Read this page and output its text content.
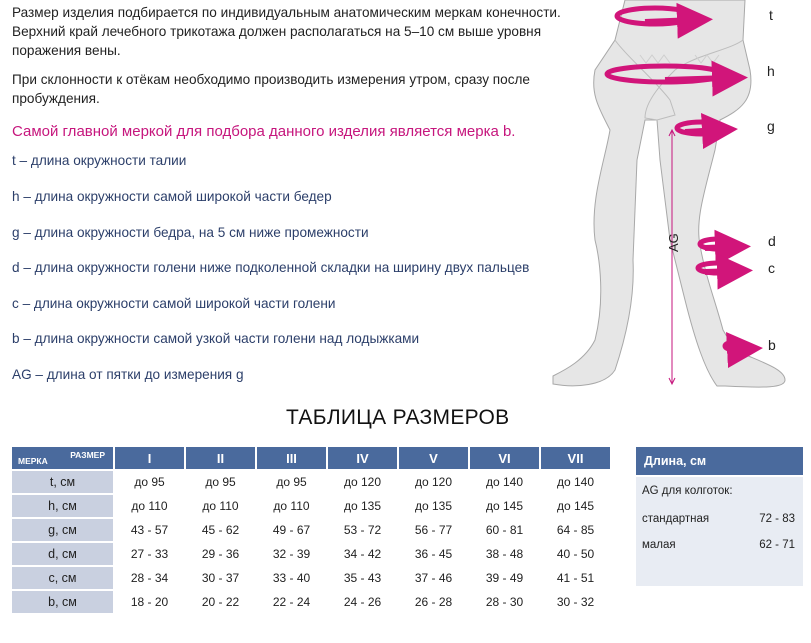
Размер изделия подбирается по индивидуальным анатомическим меркам конечности. Верхний край лечебного трикотажа должен располагаться на 5–10 см выше уровня поражения вены.

При склонности к отёкам необходимо производить измерения утром, сразу после пробуждения.

Самой главной меркой для подбора данного изделия является мерка b.
t – длина окружности талии
h – длина окружности самой широкой части бедер
g – длина окружности бедра, на 5 см ниже промежности
d – длина окружности голени ниже подколенной складки на ширину двух пальцев
c – длина окружности самой широкой части голени
b – длина окружности самой узкой части голени над лодыжками
AG – длина от пятки до измерения g
AG
t
h
g
d
c
b
ТАБЛИЦА РАЗМЕРОВ
РАЗМЕР
МЕРКА	I	II	III	IV	V	VI	VII
t, см	до 95	до 95	до 95	до 120	до 120	до 140	до 140
h, см	до 110	до 110	до 110	до 135	до 135	до 145	до 145
g, см	43 - 57	45 - 62	49 - 67	53 - 72	56 - 77	60 - 81	64 - 85
d, см	27 - 33	29 - 36	32 - 39	34 - 42	36 - 45	38 - 48	40 - 50
c, см	28 - 34	30 - 37	33 - 40	35 - 43	37 - 46	39 - 49	41 - 51
b, см	18 - 20	20 - 22	22 - 24	24 - 26	26 - 28	28 - 30	30 - 32
Длина, см
AG для колготок:
стандартная	72 - 83
малая	62 - 71
